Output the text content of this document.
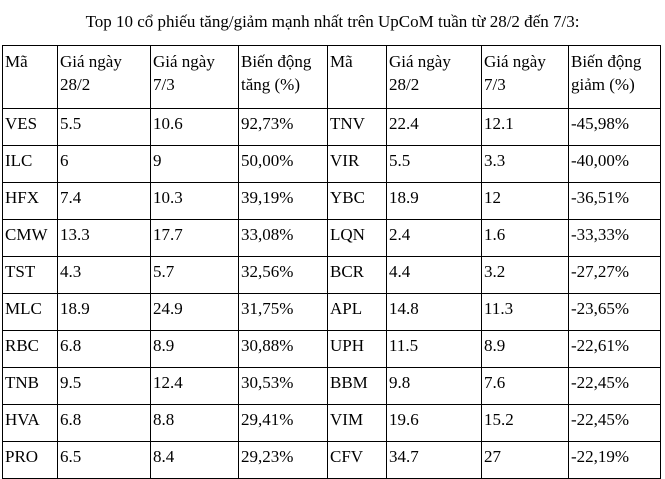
Top 10 cổ phiếu tăng/giảm mạnh nhất trên UpCoM tuần từ 28/2 đến 7/3:
Mã	Giá ngày 28/2	Giá ngày 7/3	Biến động tăng (%)	Mã	Giá ngày 28/2	Giá ngày 7/3	Biến động giảm (%)
VES	5.5	10.6	92,73%	TNV	22.4	12.1	-45,98%
ILC	6	9	50,00%	VIR	5.5	3.3	-40,00%
HFX	7.4	10.3	39,19%	YBC	18.9	12	-36,51%
CMW	13.3	17.7	33,08%	LQN	2.4	1.6	-33,33%
TST	4.3	5.7	32,56%	BCR	4.4	3.2	-27,27%
MLC	18.9	24.9	31,75%	APL	14.8	11.3	-23,65%
RBC	6.8	8.9	30,88%	UPH	11.5	8.9	-22,61%
TNB	9.5	12.4	30,53%	BBM	9.8	7.6	-22,45%
HVA	6.8	8.8	29,41%	VIM	19.6	15.2	-22,45%
PRO	6.5	8.4	29,23%	CFV	34.7	27	-22,19%
